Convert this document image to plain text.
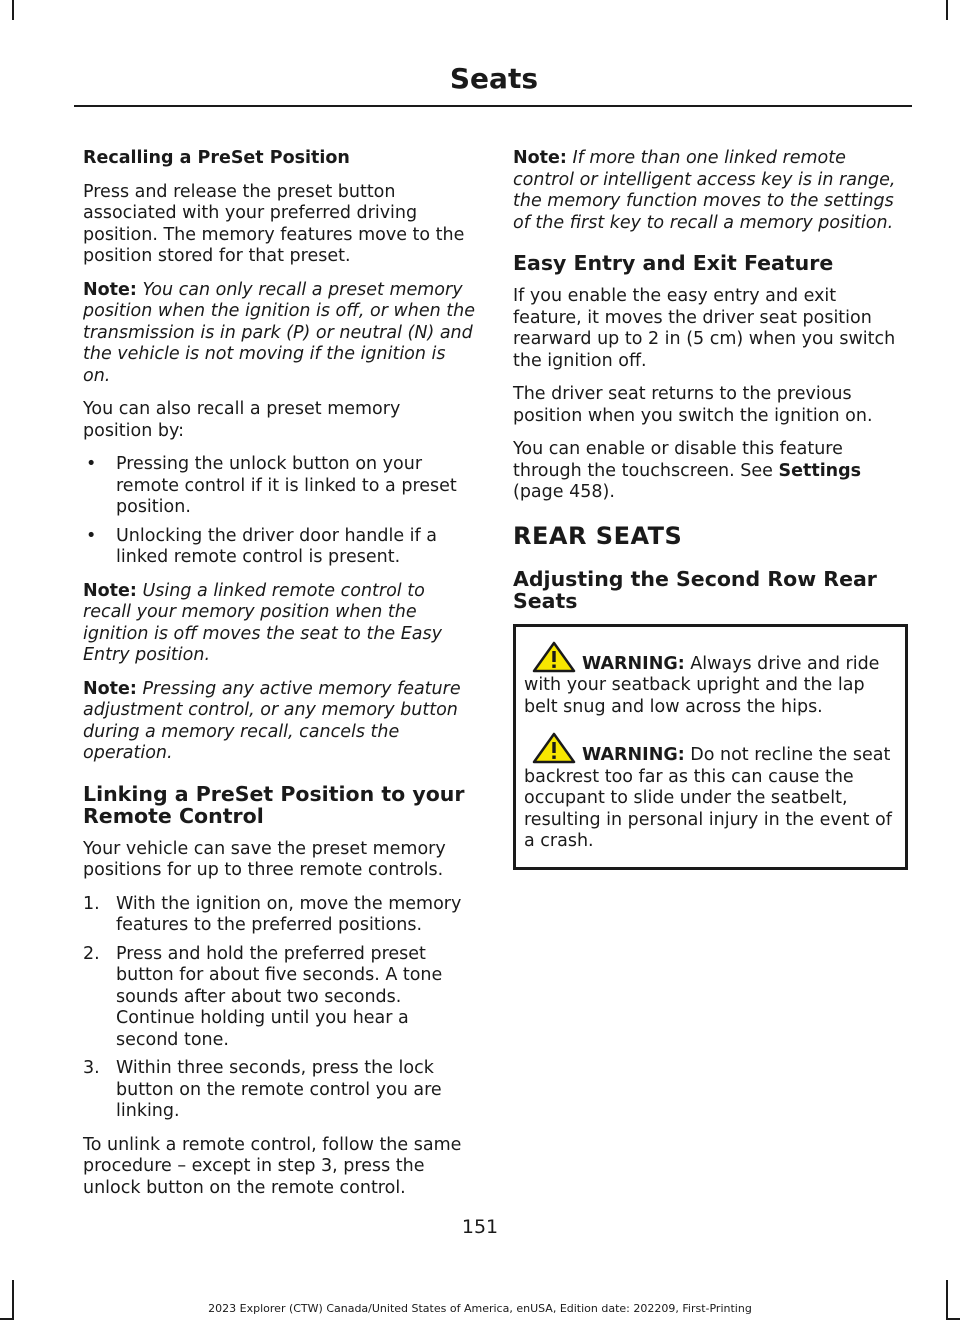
Seats

Recalling a PreSet Position

Press and release the preset button associated with your preferred driving position. The memory features move to the position stored for that preset.

Note: You can only recall a preset memory position when the ignition is off, or when the transmission is in park (P) or neutral (N) and the vehicle is not moving if the ignition is on.

You can also recall a preset memory position by:

• Pressing the unlock button on your remote control if it is linked to a preset position.
• Unlocking the driver door handle if a linked remote control is present.

Note: Using a linked remote control to recall your memory position when the ignition is off moves the seat to the Easy Entry position.

Note: Pressing any active memory feature adjustment control, or any memory button during a memory recall, cancels the operation.

Linking a PreSet Position to your Remote Control

Your vehicle can save the preset memory positions for up to three remote controls.

1. With the ignition on, move the memory features to the preferred positions.
2. Press and hold the preferred preset button for about five seconds. A tone sounds after about two seconds. Continue holding until you hear a second tone.
3. Within three seconds, press the lock button on the remote control you are linking.

To unlink a remote control, follow the same procedure – except in step 3, press the unlock button on the remote control.

Note: If more than one linked remote control or intelligent access key is in range, the memory function moves to the settings of the first key to recall a memory position.

Easy Entry and Exit Feature

If you enable the easy entry and exit feature, it moves the driver seat position rearward up to 2 in (5 cm) when you switch the ignition off.

The driver seat returns to the previous position when you switch the ignition on.

You can enable or disable this feature through the touchscreen. See Settings (page 458).

REAR SEATS

Adjusting the Second Row Rear Seats

WARNING: Always drive and ride with your seatback upright and the lap belt snug and low across the hips.

WARNING: Do not recline the seat backrest too far as this can cause the occupant to slide under the seatbelt, resulting in personal injury in the event of a crash.

151
2023 Explorer (CTW) Canada/United States of America, enUSA, Edition date: 202209, First-Printing
